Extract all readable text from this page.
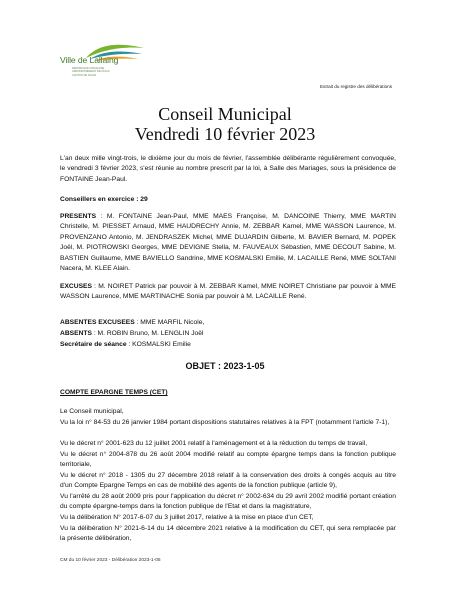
Ville de Lallaing
RÉPUBLIQUE FRANÇAISE
ARRONDISSEMENT DE DOUAI
CANTON DE DOUAI
Extrait du registre des délibérations
Conseil Municipal
Vendredi 10 février 2023
L'an deux mille vingt-trois, le dixième jour du mois de février, l'assemblée délibérante régulièrement convoquée, le vendredi 3 février 2023, s'est réunie au nombre prescrit par la loi, à Salle des Mariages, sous la présidence de FONTAINE Jean-Paul.
Conseillers en exercice : 29
PRESENTS : M. FONTAINE Jean-Paul, MME MAES Françoise, M. DANCOINE Thierry, MME MARTIN Christelle, M. PIESSET Arnaud, MME HAUDRECHY Annie, M. ZEBBAR Kamel, MME WASSON Laurence, M. PROVENZANO Antonio, M. JENDRASZEK Michel, MME DUJARDIN Gilberte, M. BAVIER Bernard, M. POPEK Joël, M. PIOTROWSKI Georges, MME DEVIGNE Stella, M. FAUVEAUX Sébastien, MME DECOUT Sabine, M. BASTIEN Guillaume, MME BAVIELLO Sandrine, MME KOSMALSKI Emilie, M. LACAILLE René, MME SOLTANI Nacera, M. KLEE Alain.
EXCUSES : M. NOIRET Patrick par pouvoir à M. ZEBBAR Kamel, MME NOIRET Christiane par pouvoir à MME WASSON Laurence, MME MARTINACHE Sonia par pouvoir à M. LACAILLE René.
ABSENTES EXCUSEES : MME MARFIL Nicole,
ABSENTS : M. ROBIN Bruno, M. LENGLIN Joël
Secrétaire de séance : KOSMALSKI Emilie
OBJET : 2023-1-05
COMPTE EPARGNE TEMPS (CET)
Le Conseil municipal,
Vu la loi n° 84-53 du 26 janvier 1984 portant dispositions statutaires relatives à la FPT (notamment l'article 7-1),
Vu le décret n° 2001-623 du 12 juillet 2001 relatif à l'aménagement et à la réduction du temps de travail,
Vu le décret n° 2004-878 du 26 août 2004 modifié relatif au compte épargne temps dans la fonction publique territoriale,
Vu le décret n° 2018 - 1305 du 27 décembre 2018 relatif à la conservation des droits à congés acquis au titre d'un Compte Epargne Temps en cas de mobilité des agents de la fonction publique (article 9),
Vu l'arrêté du 28 août 2009 pris pour l'application du décret n° 2002-634 du 29 avril 2002 modifié portant création du compte épargne-temps dans la fonction publique de l'Etat et dans la magistrature,
Vu la délibération N° 2017-6-07 du 3 juillet 2017, relative à la mise en place d'un CET,
Vu la délibération N° 2021-6-14 du 14 décembre 2021 relative à la modification du CET, qui sera remplacée par la présente délibération,
CM du 10 février 2023 - Délibération 2023-1-05
